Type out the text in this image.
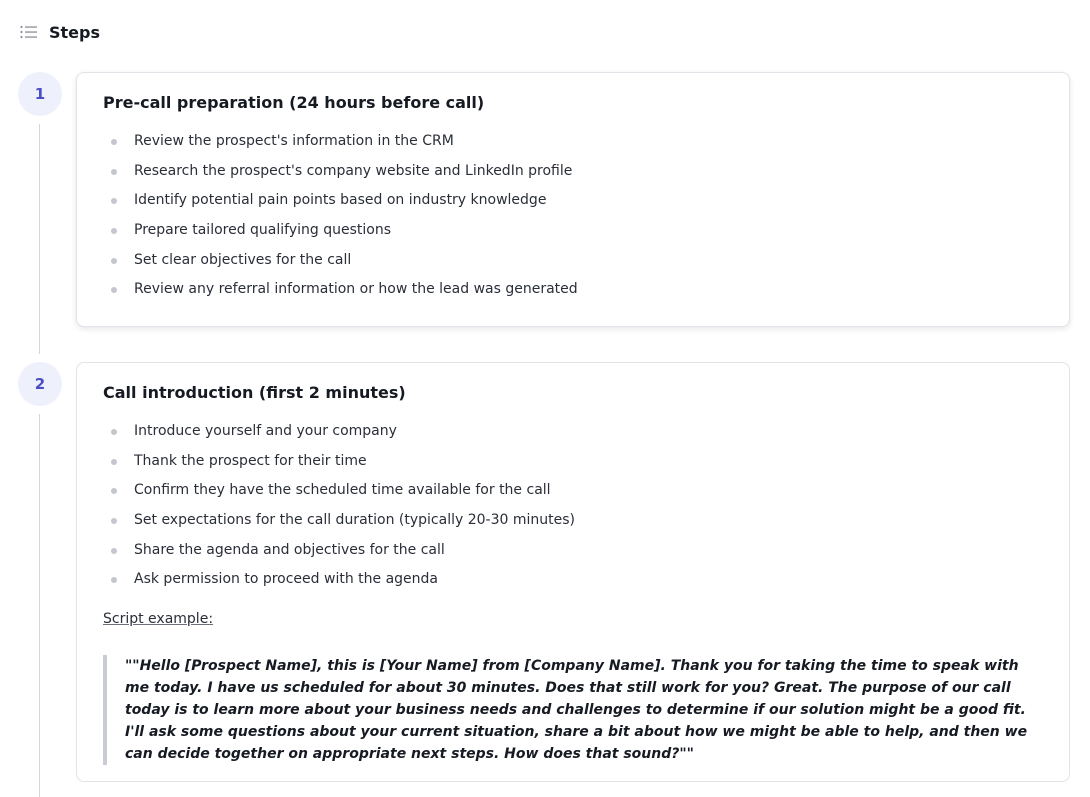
Steps
1	Pre-call preparation (24 hours before call)
Review the prospect's information in the CRM
Research the prospect's company website and LinkedIn profile
Identify potential pain points based on industry knowledge
Prepare tailored qualifying questions
Set clear objectives for the call
Review any referral information or how the lead was generated
2	Call introduction (first 2 minutes)
Introduce yourself and your company
Thank the prospect for their time
Confirm they have the scheduled time available for the call
Set expectations for the call duration (typically 20-30 minutes)
Share the agenda and objectives for the call
Ask permission to proceed with the agenda
Script example:
""Hello [Prospect Name], this is [Your Name] from [Company Name]. Thank you for taking the time to speak with me today. I have us scheduled for about 30 minutes. Does that still work for you? Great. The purpose of our call today is to learn more about your business needs and challenges to determine if our solution might be a good fit. I'll ask some questions about your current situation, share a bit about how we might be able to help, and then we can decide together on appropriate next steps. How does that sound?""
